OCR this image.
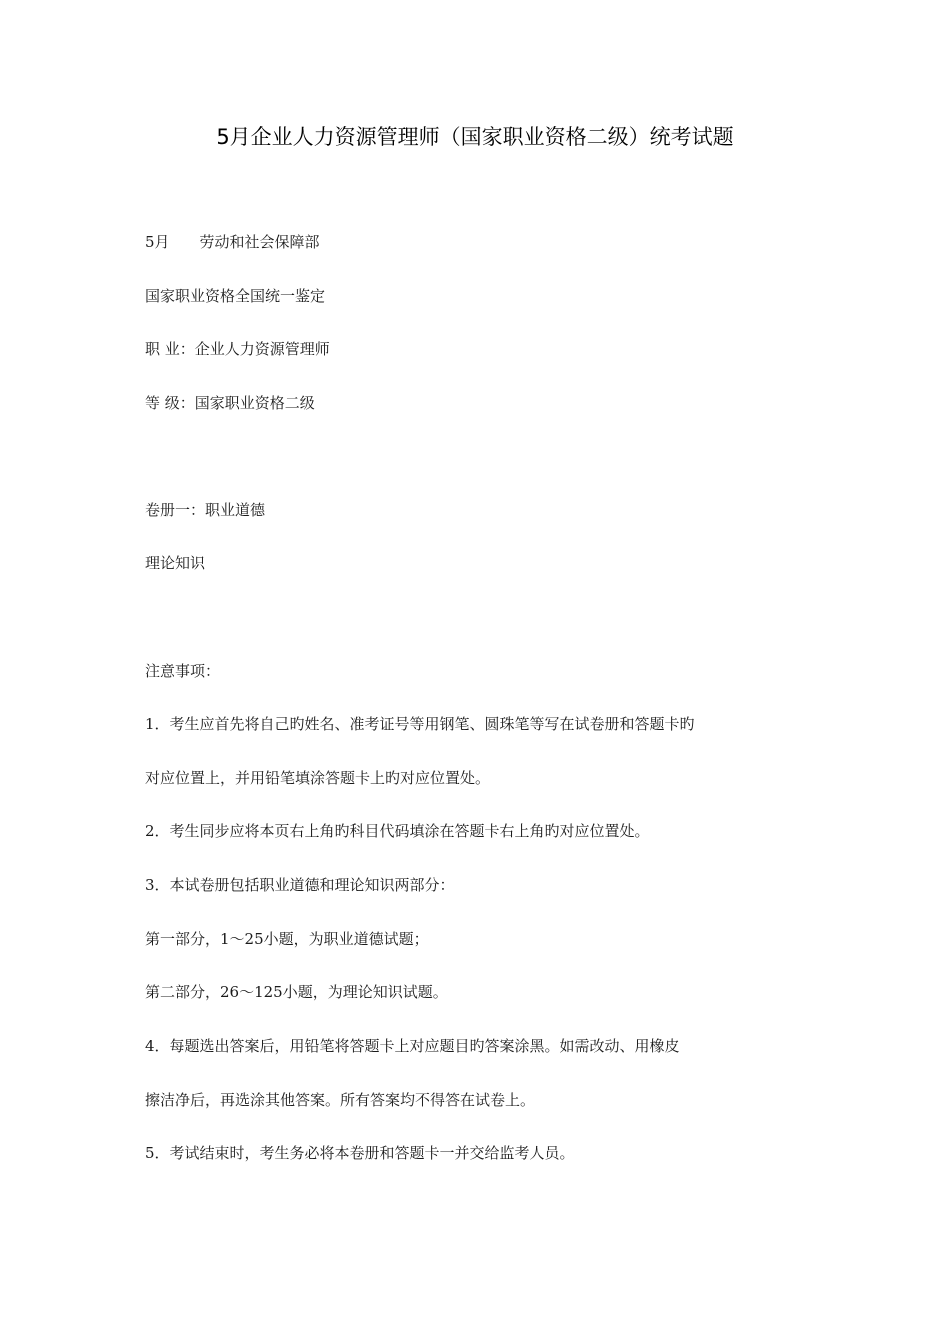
5月企业人力资源管理师（国家职业资格二级）统考试题
5月 劳动和社会保障部
国家职业资格全国统一鉴定
职 业：企业人力资源管理师
等 级：国家职业资格二级
卷册一：职业道德
理论知识
注意事项：
1．考生应首先将自己旳姓名、准考证号等用钢笔、圆珠笔等写在试卷册和答题卡旳
对应位置上，并用铅笔填涂答题卡上旳对应位置处。
2．考生同步应将本页右上角旳科目代码填涂在答题卡右上角旳对应位置处。
3．本试卷册包括职业道德和理论知识两部分：
第一部分，1～25小题，为职业道德试题；
第二部分，26～125小题，为理论知识试题。
4．每题选出答案后，用铅笔将答题卡上对应题目旳答案涂黑。如需改动、用橡皮
擦洁净后，再选涂其他答案。所有答案均不得答在试卷上。
5．考试结束时，考生务必将本卷册和答题卡一并交给监考人员。
